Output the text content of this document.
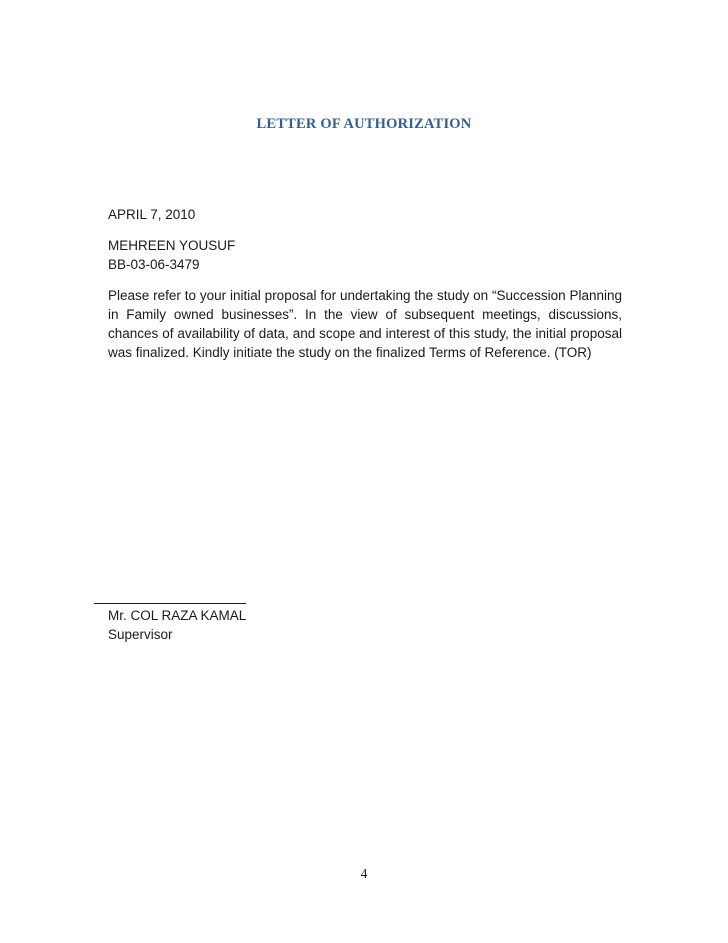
LETTER OF AUTHORIZATION
APRIL 7, 2010
MEHREEN YOUSUF
BB-03-06-3479
Please refer to your initial proposal for undertaking the study on “Succession Planning in Family owned businesses”. In the view of subsequent meetings, discussions, chances of availability of data, and scope and interest of this study, the initial proposal was finalized. Kindly initiate the study on the finalized Terms of Reference. (TOR)
Mr. COL RAZA KAMAL
Supervisor
4
